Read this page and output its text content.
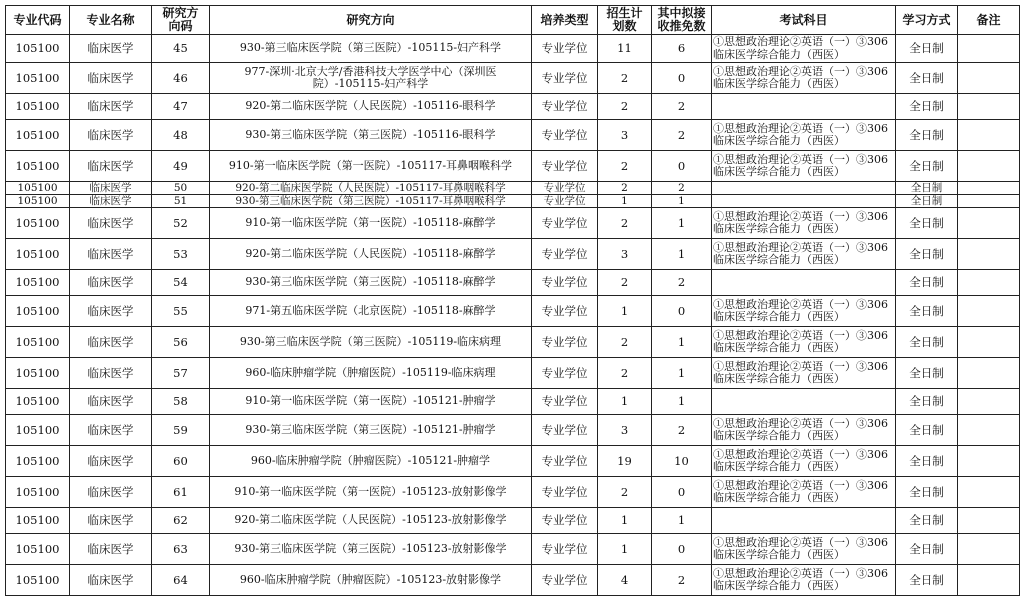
专业代码	专业名称	研究方向码	研究方向	培养类型	招生计划数	其中拟接收推免数	考试科目	学习方式	备注
105100	临床医学	45	930-第三临床医学院（第三医院）-105115-妇产科学	专业学位	11	6	①思想政治理论②英语（一）③306临床医学综合能力（西医）	全日制	
105100	临床医学	46	977-深圳·北京大学/香港科技大学医学中心（深圳医院）-105115-妇产科学	专业学位	2	0	①思想政治理论②英语（一）③306临床医学综合能力（西医）	全日制	
105100	临床医学	47	920-第二临床医学院（人民医院）-105116-眼科学	专业学位	2	2		全日制	
105100	临床医学	48	930-第三临床医学院（第三医院）-105116-眼科学	专业学位	3	2	①思想政治理论②英语（一）③306临床医学综合能力（西医）	全日制	
105100	临床医学	49	910-第一临床医学院（第一医院）-105117-耳鼻咽喉科学	专业学位	2	0	①思想政治理论②英语（一）③306临床医学综合能力（西医）	全日制	
105100	临床医学	50	920-第二临床医学院（人民医院）-105117-耳鼻咽喉科学	专业学位	2	2		全日制	
105100	临床医学	51	930-第三临床医学院（第三医院）-105117-耳鼻咽喉科学	专业学位	1	1		全日制	
105100	临床医学	52	910-第一临床医学院（第一医院）-105118-麻醉学	专业学位	2	1	①思想政治理论②英语（一）③306临床医学综合能力（西医）	全日制	
105100	临床医学	53	920-第二临床医学院（人民医院）-105118-麻醉学	专业学位	3	1	①思想政治理论②英语（一）③306临床医学综合能力（西医）	全日制	
105100	临床医学	54	930-第三临床医学院（第三医院）-105118-麻醉学	专业学位	2	2		全日制	
105100	临床医学	55	971-第五临床医学院（北京医院）-105118-麻醉学	专业学位	1	0	①思想政治理论②英语（一）③306临床医学综合能力（西医）	全日制	
105100	临床医学	56	930-第三临床医学院（第三医院）-105119-临床病理	专业学位	2	1	①思想政治理论②英语（一）③306临床医学综合能力（西医）	全日制	
105100	临床医学	57	960-临床肿瘤学院（肿瘤医院）-105119-临床病理	专业学位	2	1	①思想政治理论②英语（一）③306临床医学综合能力（西医）	全日制	
105100	临床医学	58	910-第一临床医学院（第一医院）-105121-肿瘤学	专业学位	1	1		全日制	
105100	临床医学	59	930-第三临床医学院（第三医院）-105121-肿瘤学	专业学位	3	2	①思想政治理论②英语（一）③306临床医学综合能力（西医）	全日制	
105100	临床医学	60	960-临床肿瘤学院（肿瘤医院）-105121-肿瘤学	专业学位	19	10	①思想政治理论②英语（一）③306临床医学综合能力（西医）	全日制	
105100	临床医学	61	910-第一临床医学院（第一医院）-105123-放射影像学	专业学位	2	0	①思想政治理论②英语（一）③306临床医学综合能力（西医）	全日制	
105100	临床医学	62	920-第二临床医学院（人民医院）-105123-放射影像学	专业学位	1	1		全日制	
105100	临床医学	63	930-第三临床医学院（第三医院）-105123-放射影像学	专业学位	1	0	①思想政治理论②英语（一）③306临床医学综合能力（西医）	全日制	
105100	临床医学	64	960-临床肿瘤学院（肿瘤医院）-105123-放射影像学	专业学位	4	2	①思想政治理论②英语（一）③306临床医学综合能力（西医）	全日制	
